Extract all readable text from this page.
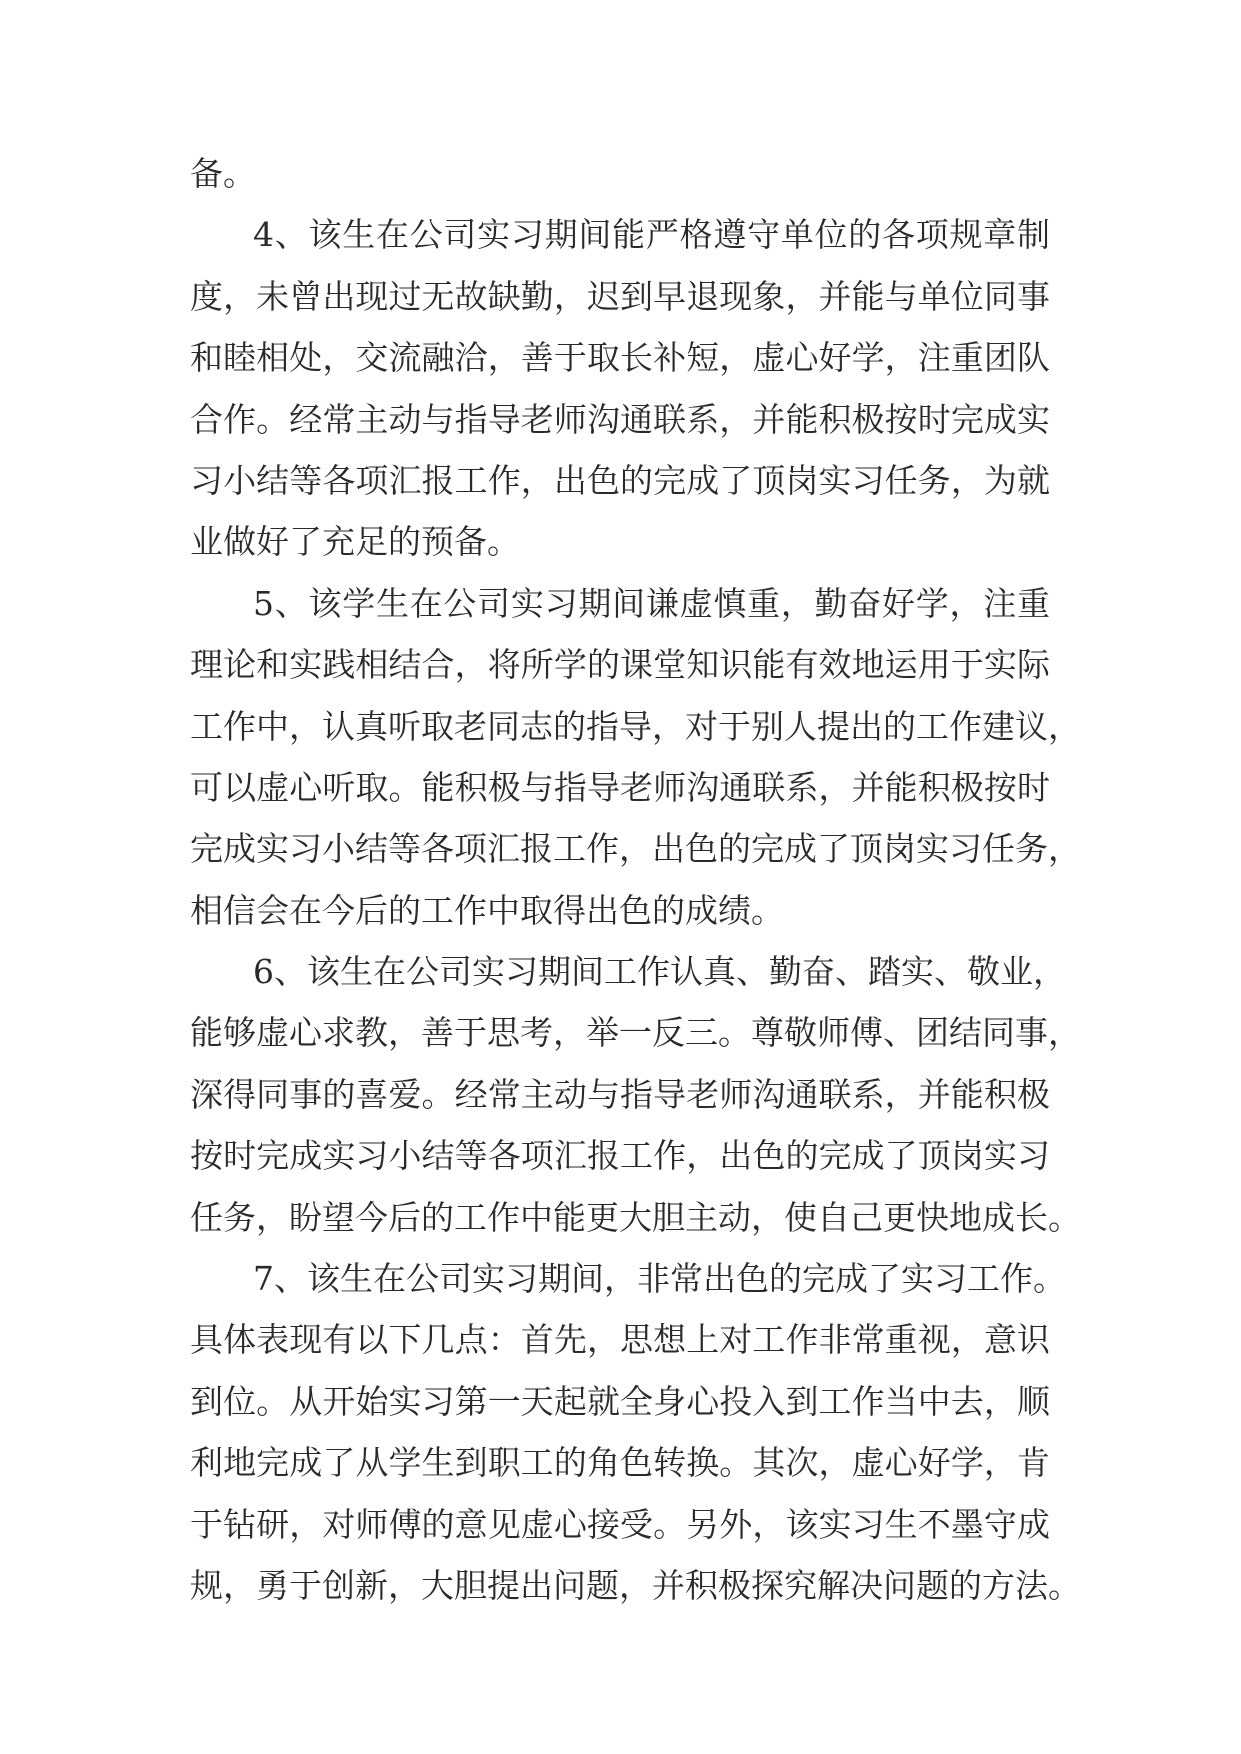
备。
4、该生在公司实习期间能严格遵守单位的各项规章制
度，未曾出现过无故缺勤，迟到早退现象，并能与单位同事
和睦相处，交流融洽，善于取长补短，虚心好学，注重团队
合作。经常主动与指导老师沟通联系，并能积极按时完成实
习小结等各项汇报工作，出色的完成了顶岗实习任务，为就
业做好了充足的预备。
5、该学生在公司实习期间谦虚慎重，勤奋好学，注重
理论和实践相结合，将所学的课堂知识能有效地运用于实际
工作中，认真听取老同志的指导，对于别人提出的工作建议，
可以虚心听取。能积极与指导老师沟通联系，并能积极按时
完成实习小结等各项汇报工作，出色的完成了顶岗实习任务，
相信会在今后的工作中取得出色的成绩。
6、该生在公司实习期间工作认真、勤奋、踏实、敬业，
能够虚心求教，善于思考，举一反三。尊敬师傅、团结同事，
深得同事的喜爱。经常主动与指导老师沟通联系，并能积极
按时完成实习小结等各项汇报工作，出色的完成了顶岗实习
任务，盼望今后的工作中能更大胆主动，使自己更快地成长。
7、该生在公司实习期间，非常出色的完成了实习工作。
具体表现有以下几点：首先，思想上对工作非常重视，意识
到位。从开始实习第一天起就全身心投入到工作当中去，顺
利地完成了从学生到职工的角色转换。其次，虚心好学，肯
于钻研，对师傅的意见虚心接受。另外，该实习生不墨守成
规，勇于创新，大胆提出问题，并积极探究解决问题的方法。
